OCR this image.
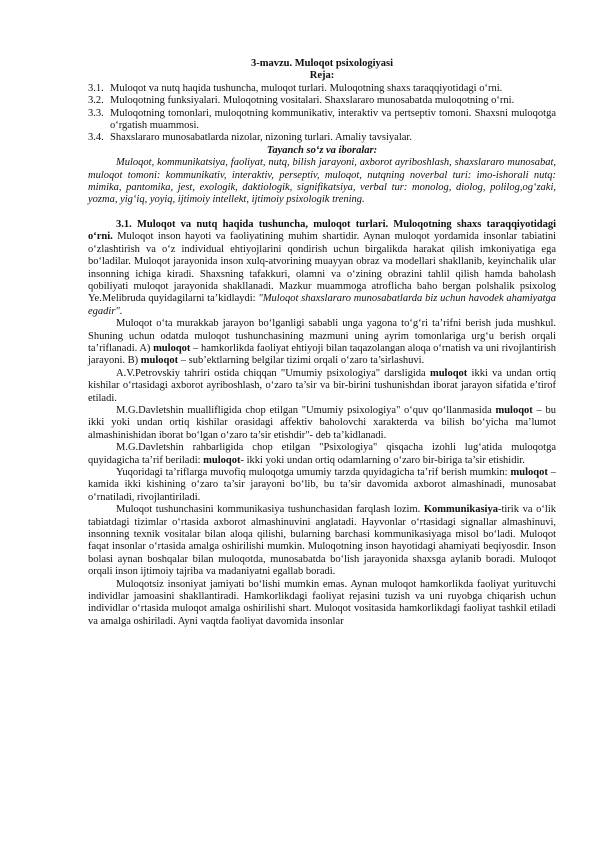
3-mavzu. Muloqot psixologiyasi
Reja:
3.1. Muloqot va nutq haqida tushuncha, muloqot turlari. Muloqotning shaxs taraqqiyotidagi o‘rni.
3.2. Muloqotning funksiyalari. Muloqotning vositalari. Shaxslararo munosabatda muloqotning o‘rni.
3.3. Muloqotning tomonlari, muloqotning kommunikativ, interaktiv va pertseptiv tomoni. Shaxsni muloqotga o‘rgatish muammosi.
3.4. Shaxslararo munosabatlarda nizolar, nizoning turlari. Amaliy tavsiyalar.
Tayanch so‘z va iboralar:

Muloqot, kommunikatsiya, faoliyat, nutq, bilish jarayoni, axborot ayriboshlash, shaxslararo munosabat, muloqot tomoni: kommunikativ, interaktiv, perseptiv, muloqot, nutqning noverbal turi: imo-ishorali nutq: mimika, pantomika, jest, exologik, daktiologik, signifikatsiya, verbal tur: monolog, diolog, polilog,og‘zaki, yozma, yig‘iq, yoyiq, ijtimoiy intellekt, ijtimoiy psixologik trening.

3.1. Muloqot va nutq haqida tushuncha, muloqot turlari. Muloqotning shaxs taraqqiyotidagi o‘rni. Muloqot inson hayoti va faoliyatining muhim shartidir. Aynan muloqot yordamida insonlar tabiatini o‘zlashtirish va o‘z individual ehtiyojlarini qondirish uchun birgalikda harakat qilish imkoniyatiga ega bo‘ladilar. Muloqot jarayonida inson xulq-atvorining muayyan obraz va modellari shakllanib, keyinchalik ular insonning ichiga kiradi. Shaxsning tafakkuri, olamni va o‘zining obrazini tahlil qilish hamda baholash qobiliyati muloqot jarayonida shakllanadi. Mazkur muammoga atroflicha baho bergan polshalik psixolog Ye.Melibruda quyidagilarni ta’kidlaydi: "Muloqot shaxslararo munosabatlarda biz uchun havodek ahamiyatga egadir".

Muloqot o‘ta murakkab jarayon bo‘lganligi sababli unga yagona to‘g‘ri ta’rifni berish juda mushkul. Shuning uchun odatda muloqot tushunchasining mazmuni uning ayrim tomonlariga urg‘u berish orqali ta’riflanadi. A) muloqot – hamkorlikda faoliyat ehtiyoji bilan taqazolangan aloqa o‘rnatish va uni rivojlantirish jarayoni. B) muloqot – sub’ektlarning belgilar tizimi orqali o‘zaro ta’sirlashuvi.

A.V.Petrovskiy tahriri ostida chiqqan "Umumiy psixologiya" darsligida muloqot ikki va undan ortiq kishilar o‘rtasidagi axborot ayriboshlash, o‘zaro ta’sir va bir-birini tushunishdan iborat jarayon sifatida e’tirof etiladi.

M.G.Davletshin muallifligida chop etilgan "Umumiy psixologiya" o‘quv qo‘llanmasida muloqot – bu ikki yoki undan ortiq kishilar orasidagi affektiv baholovchi xarakterda va bilish bo‘yicha ma’lumot almashinishidan iborat bo‘lgan o‘zaro ta’sir etishdir"- deb ta’kidlanadi.

M.G.Davletshin rahbarligida chop etilgan "Psixologiya" qisqacha izohli lug‘atida muloqotga quyidagicha ta’rif beriladi: muloqot- ikki yoki undan ortiq odamlarning o‘zaro bir-biriga ta’sir etishidir.

Yuqoridagi ta’riflarga muvofiq muloqotga umumiy tarzda quyidagicha ta’rif berish mumkin: muloqot – kamida ikki kishining o‘zaro ta’sir jarayoni bo‘lib, bu ta’sir davomida axborot almashinadi, munosabat o‘rnatiladi, rivojlantiriladi.

Muloqot tushunchasini kommunikasiya tushunchasidan farqlash lozim. Kommunikasiya-tirik va o‘lik tabiatdagi tizimlar o‘rtasida axborot almashinuvini anglatadi. Hayvonlar o‘rtasidagi signallar almashinuvi, insonning texnik vositalar bilan aloqa qilishi, bularning barchasi kommunikasiyaga misol bo‘ladi. Muloqot faqat insonlar o‘rtasida amalga oshirilishi mumkin. Muloqotning inson hayotidagi ahamiyati beqiyosdir. Inson bolasi aynan boshqalar bilan muloqotda, munosabatda bo‘lish jarayonida shaxsga aylanib boradi. Muloqot orqali inson ijtimoiy tajriba va madaniyatni egallab boradi.

Muloqotsiz insoniyat jamiyati bo‘lishi mumkin emas. Aynan muloqot hamkorlikda faoliyat yurituvchi individlar jamoasini shakllantiradi. Hamkorlikdagi faoliyat rejasini tuzish va uni ruyobga chiqarish uchun individlar o‘rtasida muloqot amalga oshirilishi shart. Muloqot vositasida hamkorlikdagi faoliyat tashkil etiladi va amalga oshiriladi. Ayni vaqtda faoliyat davomida insonlar
